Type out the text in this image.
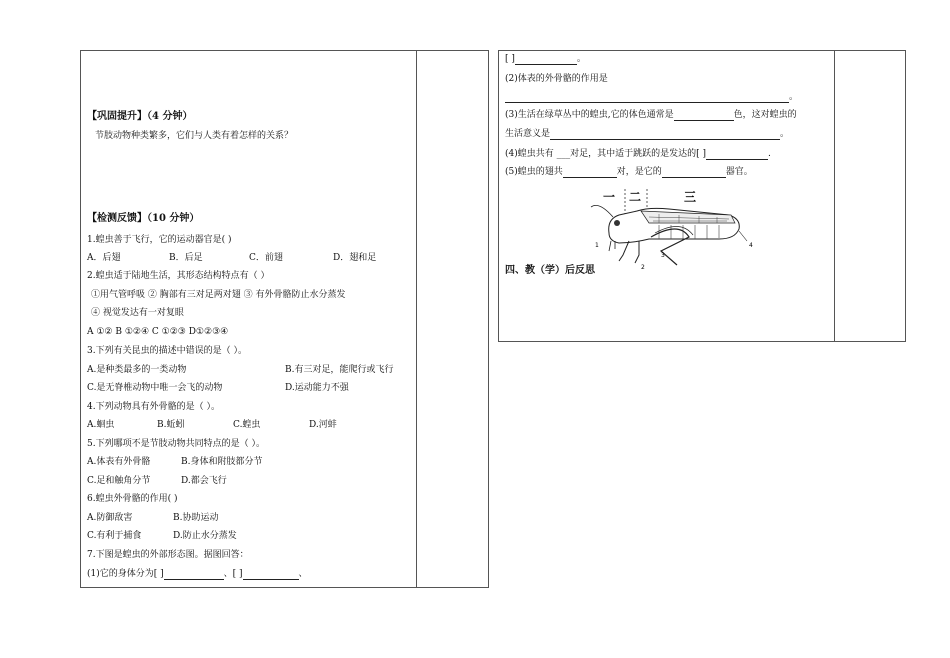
【巩固提升】（4 分钟）
节肢动物种类繁多，它们与人类有着怎样的关系？
【检测反馈】（10 分钟）
1.蝗虫善于飞行，它的运动器官是( )
A．后翅	B．后足	C．前翅	D．翅和足
2.蝗虫适于陆地生活，其形态结构特点有（ ）
①用气管呼吸 ② 胸部有三对足两对翅 ③ 有外骨骼防止水分蒸发
④ 视觉发达有一对复眼
A ①② B ①②④ C ①②③ D①②③④
3.下列有关昆虫的描述中错误的是（ ）。
A.是种类最多的一类动物	B.有三对足，能爬行或飞行
C.是无脊椎动物中唯一会飞的动物	D.运动能力不强
4.下列动物具有外骨骼的是（ ）。
A.蛔虫	B.蚯蚓	C.蝗虫	D.河蚌
5.下列哪项不是节肢动物共同特点的是（ ）。
A.体表有外骨骼	B.身体和附肢都分节
C.足和触角分节	D.都会飞行
6.蝗虫外骨骼的作用( )
A.防御敌害	B.协助运动
C.有利于捕食	D.防止水分蒸发
7.下图是蝗虫的外部形态图。据图回答：
(1)它的身体分为[ ]	、[ ]	、
[ ]	。
(2)体表的外骨骼的作用是
。
(3)生活在绿草丛中的蝗虫,它的体色通常是	色，这对蝗虫的
生活意义是	。
(4)蝗虫共有 ___对足，其中适于跳跃的是发达的[ ]	.
(5)蝗虫的翅共	对，是它的	器官。
一 二	三
1
2
3
4
四、教（学）后反思
